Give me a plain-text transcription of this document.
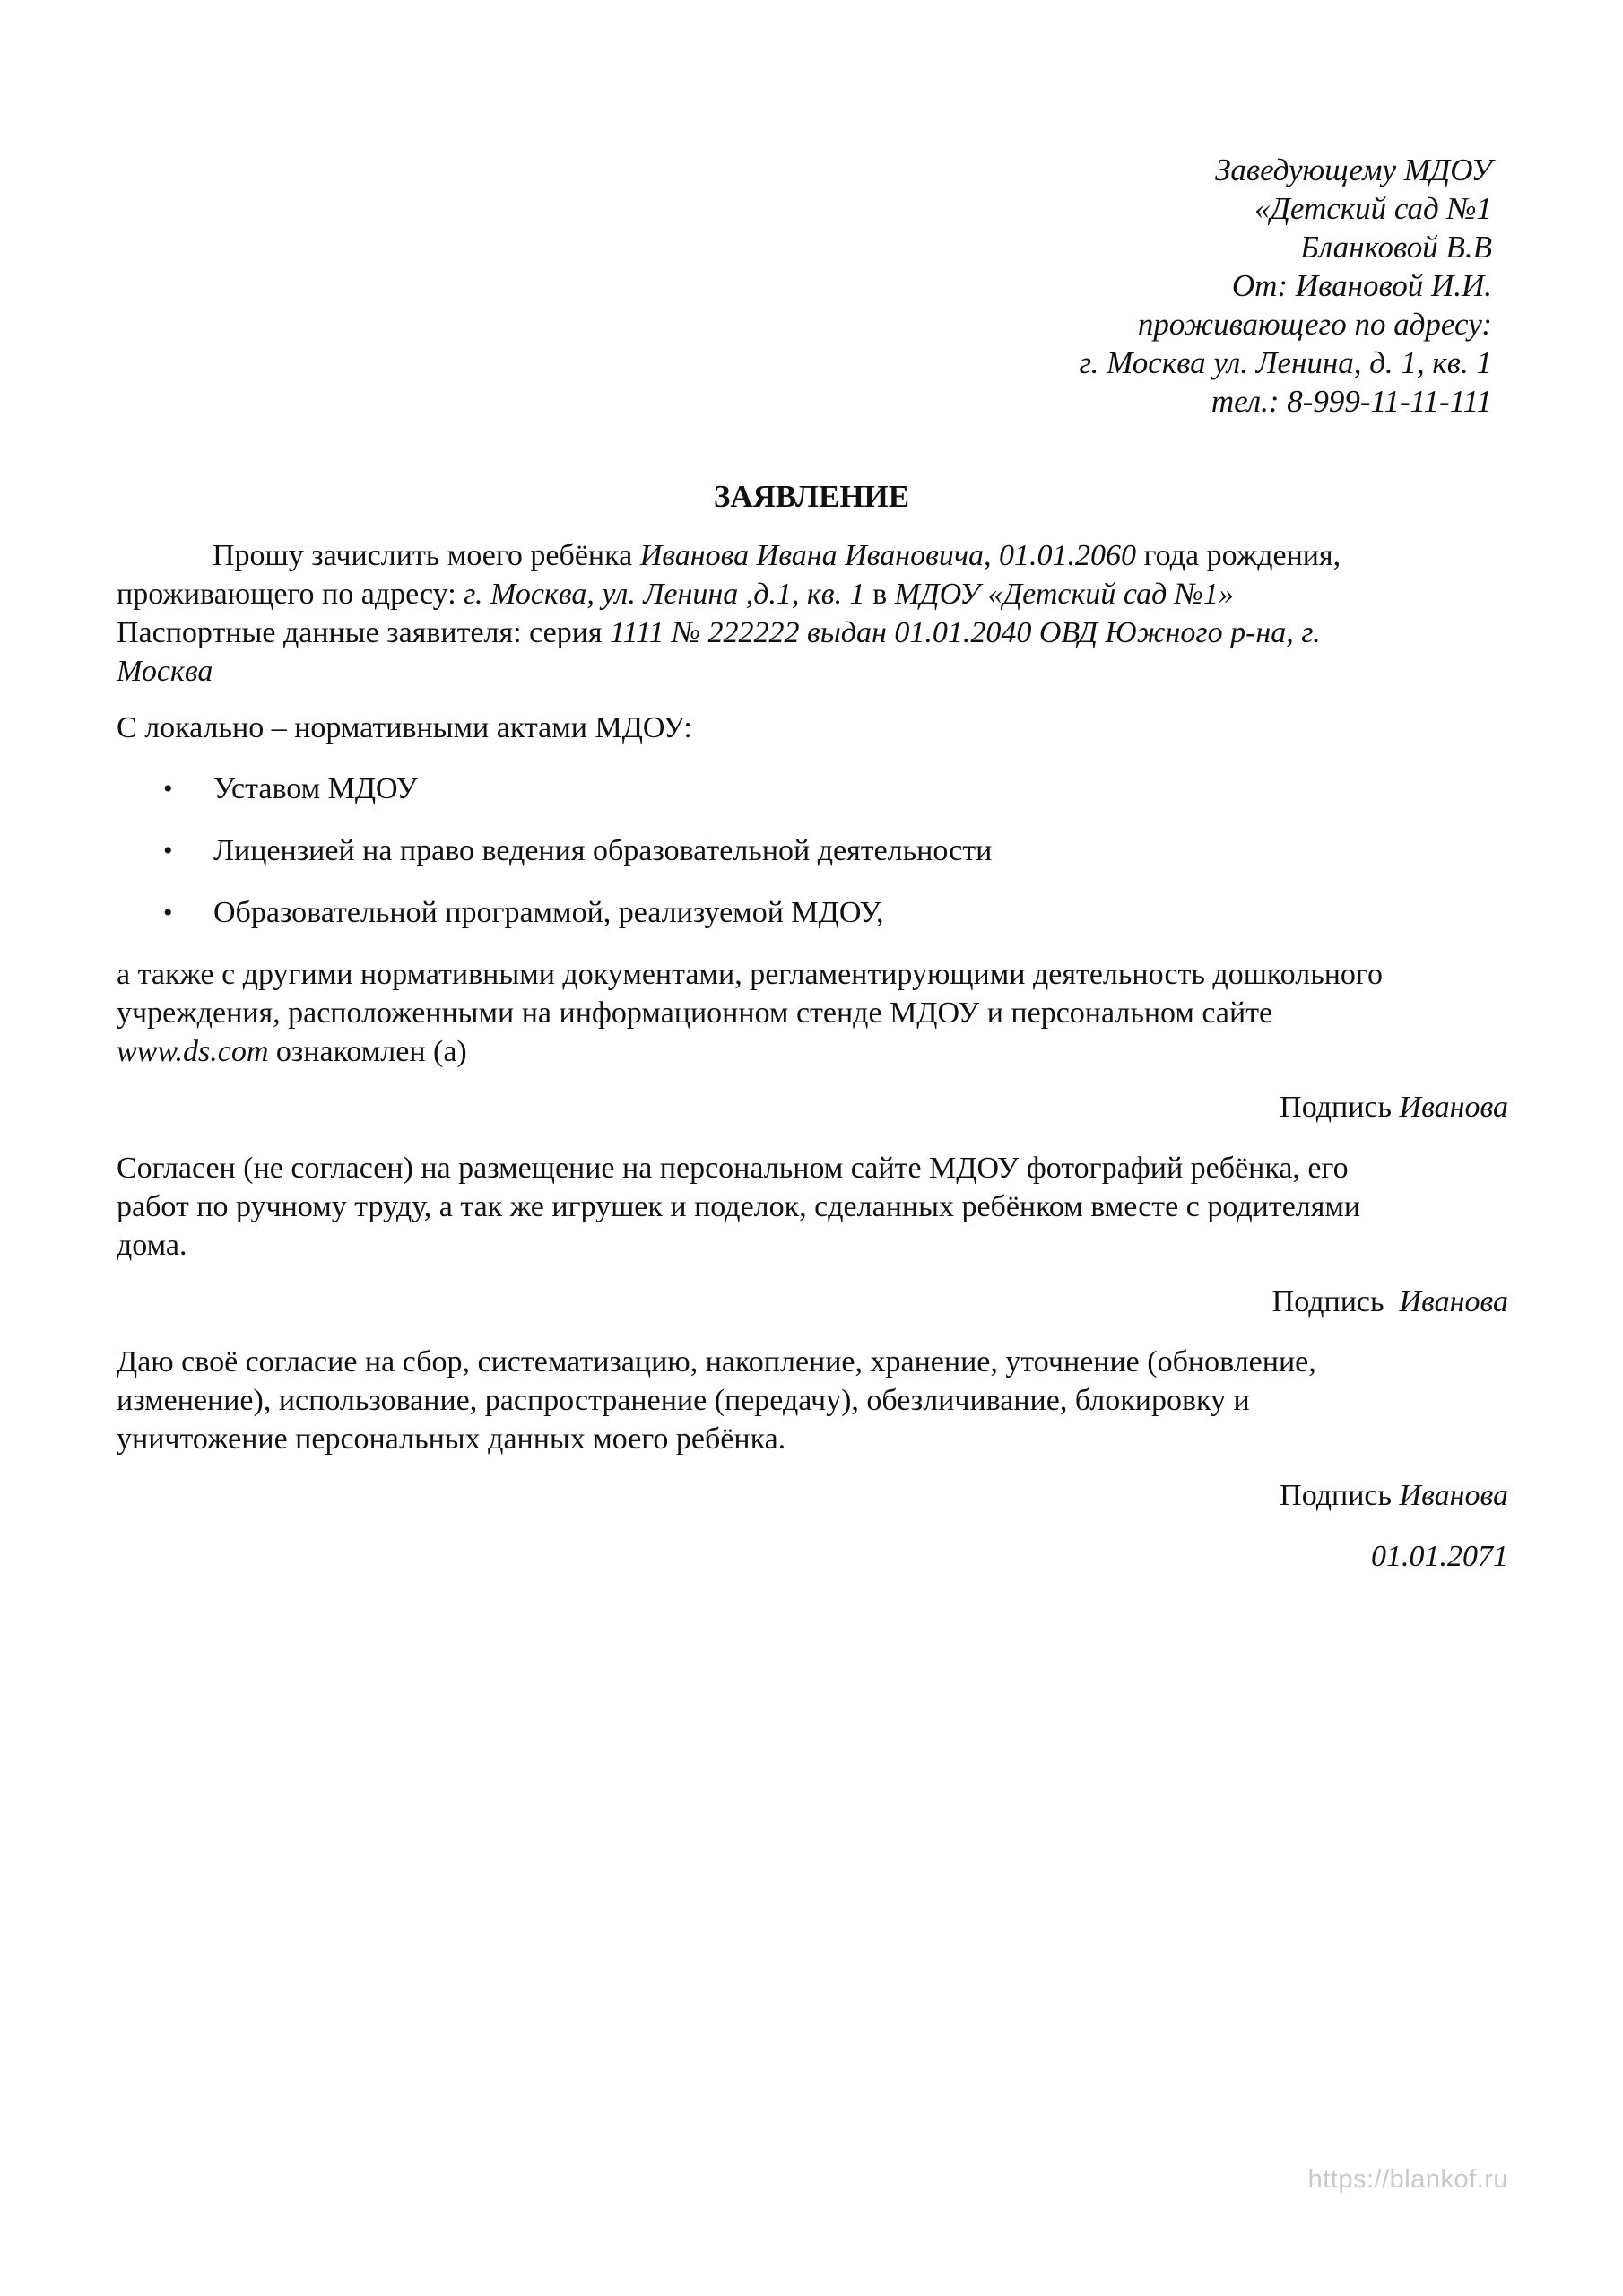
Заведующему МДОУ
«Детский сад №1
Бланковой В.В
От: Ивановой И.И.
проживающего по адресу:
г. Москва ул. Ленина, д. 1, кв. 1
тел.: 8-999-11-11-111
ЗАЯВЛЕНИЕ
Прошу зачислить моего ребёнка Иванова Ивана Ивановича, 01.01.2060 года рождения,
проживающего по адресу: г. Москва, ул. Ленина ,д.1, кв. 1 в МДОУ «Детский сад №1»
Паспортные данные заявителя: серия 1111 № 222222 выдан 01.01.2040 ОВД Южного р-на, г.
Москва
С локально – нормативными актами МДОУ:
• Уставом МДОУ
• Лицензией на право ведения образовательной деятельности
• Образовательной программой, реализуемой МДОУ,
а также с другими нормативными документами, регламентирующими деятельность дошкольного
учреждения, расположенными на информационном стенде МДОУ и персональном сайте
www.ds.com ознакомлен (а)
Подпись Иванова
Согласен (не согласен) на размещение на персональном сайте МДОУ фотографий ребёнка, его
работ по ручному труду, а так же игрушек и поделок, сделанных ребёнком вместе с родителями
дома.
Подпись Иванова
Даю своё согласие на сбор, систематизацию, накопление, хранение, уточнение (обновление,
изменение), использование, распространение (передачу), обезличивание, блокировку и
уничтожение персональных данных моего ребёнка.
Подпись Иванова
01.01.2071
https://blankof.ru
